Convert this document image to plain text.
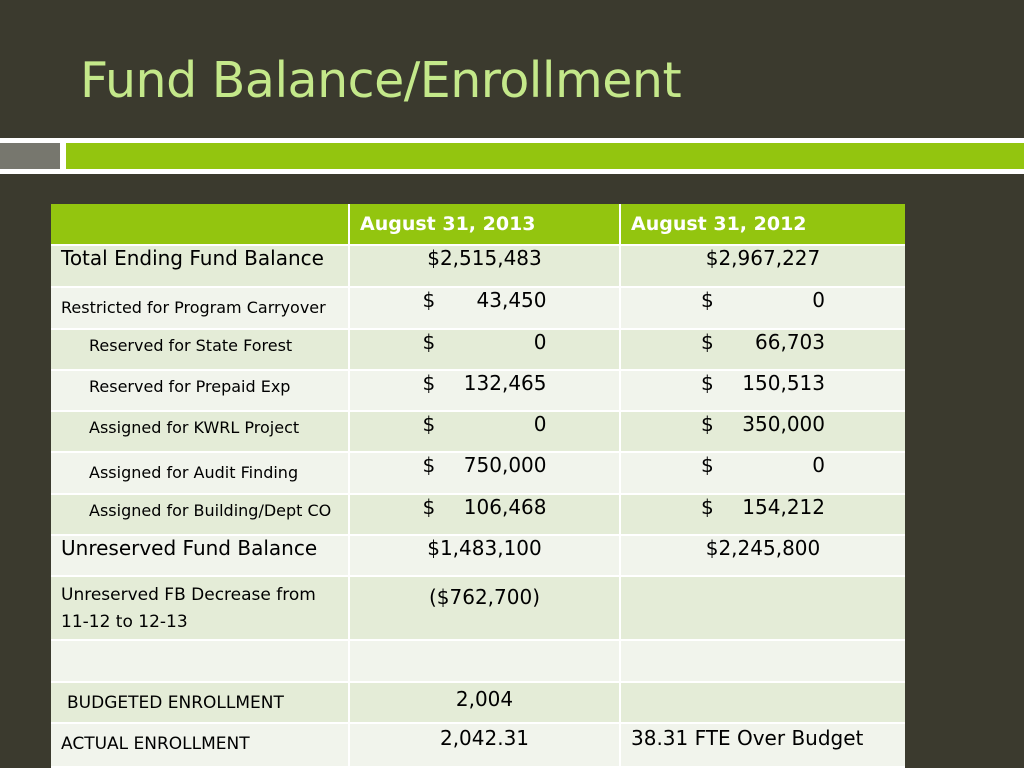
Fund Balance/Enrollment
	August 31, 2013	August 31, 2012

Total Ending Fund Balance	$2,515,483	$2,967,227

Restricted for Program Carryover	$ 43,450	$ 0

Reserved for State Forest	$ 0	$ 66,703

Reserved for Prepaid Exp	$ 132,465	$ 150,513

Assigned for KWRL Project	$ 0	$ 350,000

Assigned for Audit Finding	$ 750,000	$ 0

Assigned for Building/Dept CO	$ 106,468	$ 154,212

Unreserved Fund Balance	$1,483,100	$2,245,800

Unreserved FB Decrease from 11-12 to 12-13	($762,700)	

BUDGETED ENROLLMENT	2,004	

ACTUAL ENROLLMENT	2,042.31	38.31 FTE Over Budget
